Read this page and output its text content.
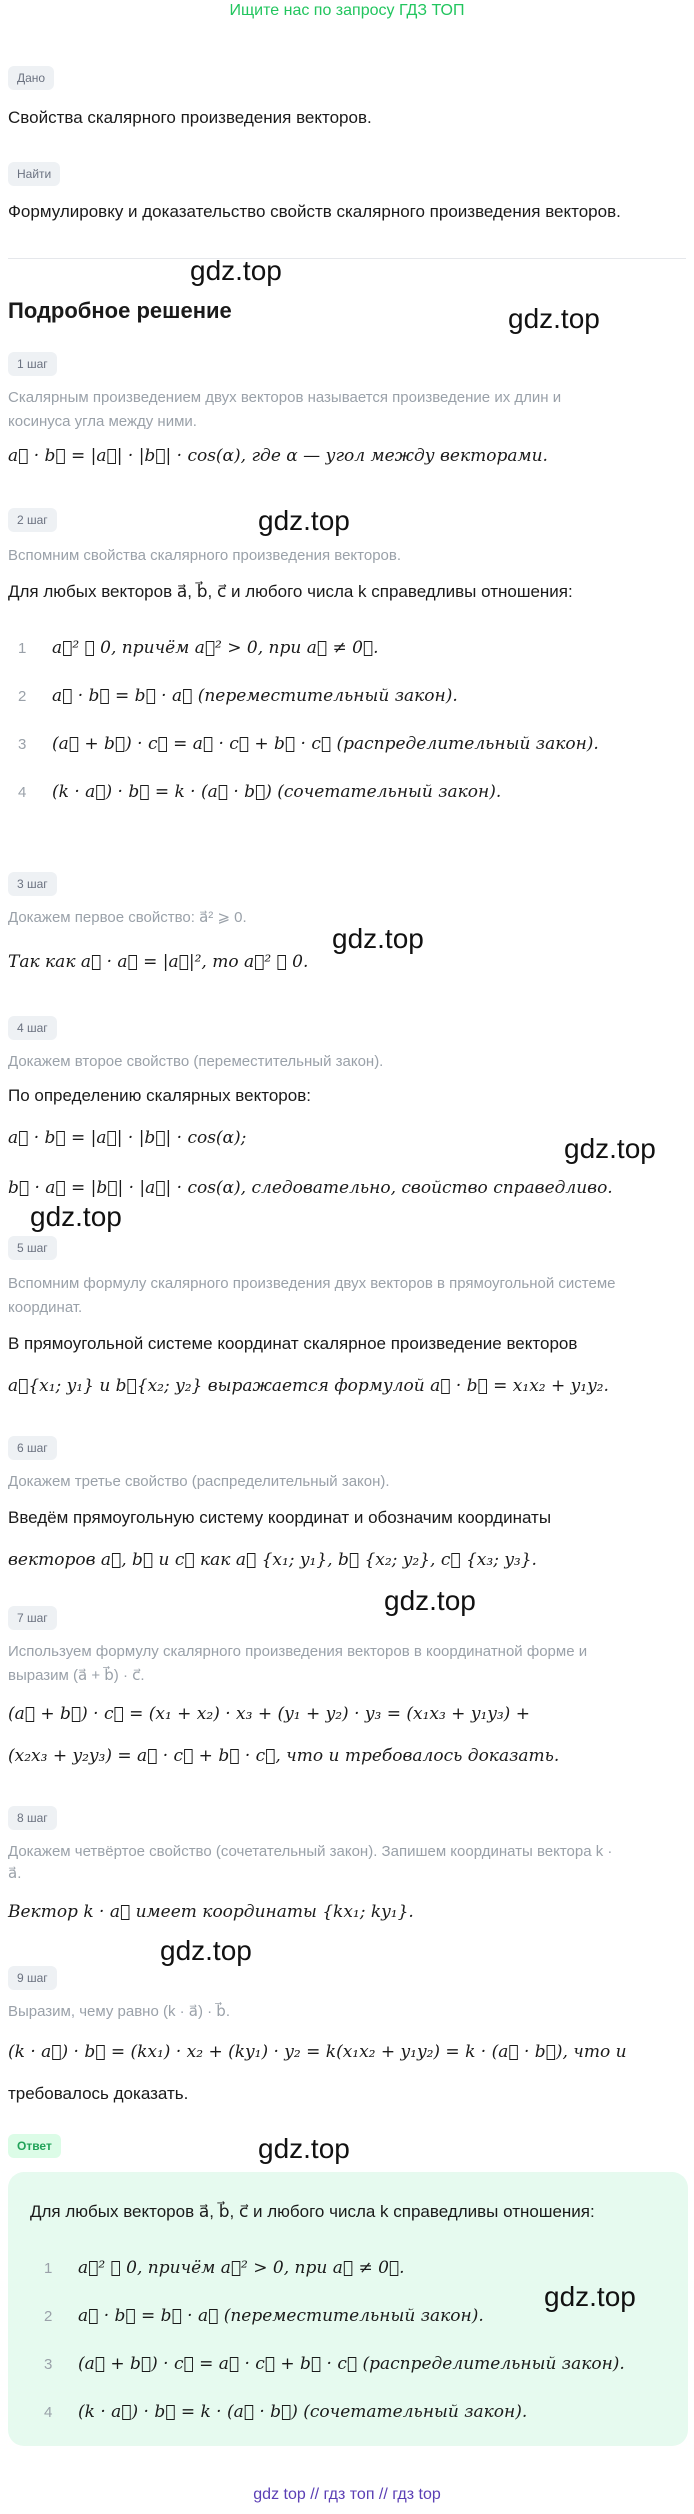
Ищите нас по запросу ГДЗ ТОП
Дано
Свойства скалярного произведения векторов.
Найти
Формулировку и доказательство свойств скалярного произведения векторов.
Подробное решение
1 шаг
Скалярным произведением двух векторов называется произведение их длин и
косинуса угла между ними.
a⃗ · b⃗ = |a⃗| · |b⃗| · cos(α), где α — угол между векторами.
2 шаг
Вспомним свойства скалярного произведения векторов.
Для любых векторов a⃗, b⃗, c⃗ и любого числа k справедливы отношения:
1 a⃗² ⩾ 0, причём a⃗² > 0, при a⃗ ≠ 0⃗.
2 a⃗ · b⃗ = b⃗ · a⃗ (переместительный закон).
3 (a⃗ + b⃗) · c⃗ = a⃗ · c⃗ + b⃗ · c⃗ (распределительный закон).
4 (k · a⃗) · b⃗ = k · (a⃗ · b⃗) (сочетательный закон).
3 шаг
Докажем первое свойство: a⃗² ⩾ 0.
Так как a⃗ · a⃗ = |a⃗|², то a⃗² ⩾ 0.
4 шаг
Докажем второе свойство (переместительный закон).
По определению скалярных векторов:
a⃗ · b⃗ = |a⃗| · |b⃗| · cos(α);
b⃗ · a⃗ = |b⃗| · |a⃗| · cos(α), следовательно, свойство справедливо.
5 шаг
Вспомним формулу скалярного произведения двух векторов в прямоугольной системе
координат.
В прямоугольной системе координат скалярное произведение векторов
a⃗{x₁; y₁} и b⃗{x₂; y₂} выражается формулой a⃗ · b⃗ = x₁x₂ + y₁y₂.
6 шаг
Докажем третье свойство (распределительный закон).
Введём прямоугольную систему координат и обозначим координаты
векторов a⃗, b⃗ и c⃗ как a⃗ {x₁; y₁}, b⃗ {x₂; y₂}, c⃗ {x₃; y₃}.
7 шаг
Используем формулу скалярного произведения векторов в координатной форме и
выразим (a⃗ + b⃗) · c⃗.
(a⃗ + b⃗) · c⃗ = (x₁ + x₂) · x₃ + (y₁ + y₂) · y₃ = (x₁x₃ + y₁y₃) +
(x₂x₃ + y₂y₃) = a⃗ · c⃗ + b⃗ · c⃗, что и требовалось доказать.
8 шаг
Докажем четвёртое свойство (сочетательный закон). Запишем координаты вектора k ·
a⃗.
Вектор k · a⃗ имеет координаты {kx₁; ky₁}.
9 шаг
Выразим, чему равно (k · a⃗) · b⃗.
(k · a⃗) · b⃗ = (kx₁) · x₂ + (ky₁) · y₂ = k(x₁x₂ + y₁y₂) = k · (a⃗ · b⃗), что и
требовалось доказать.
Ответ
Для любых векторов a⃗, b⃗, c⃗ и любого числа k справедливы отношения:
1 a⃗² ⩾ 0, причём a⃗² > 0, при a⃗ ≠ 0⃗.
2 a⃗ · b⃗ = b⃗ · a⃗ (переместительный закон).
3 (a⃗ + b⃗) · c⃗ = a⃗ · c⃗ + b⃗ · c⃗ (распределительный закон).
4 (k · a⃗) · b⃗ = k · (a⃗ · b⃗) (сочетательный закон).
gdz.top
gdz.top
gdz.top
gdz.top
gdz.top
gdz.top
gdz.top
gdz.top
gdz.top
gdz.top
gdz top // гдз топ // гдз top
